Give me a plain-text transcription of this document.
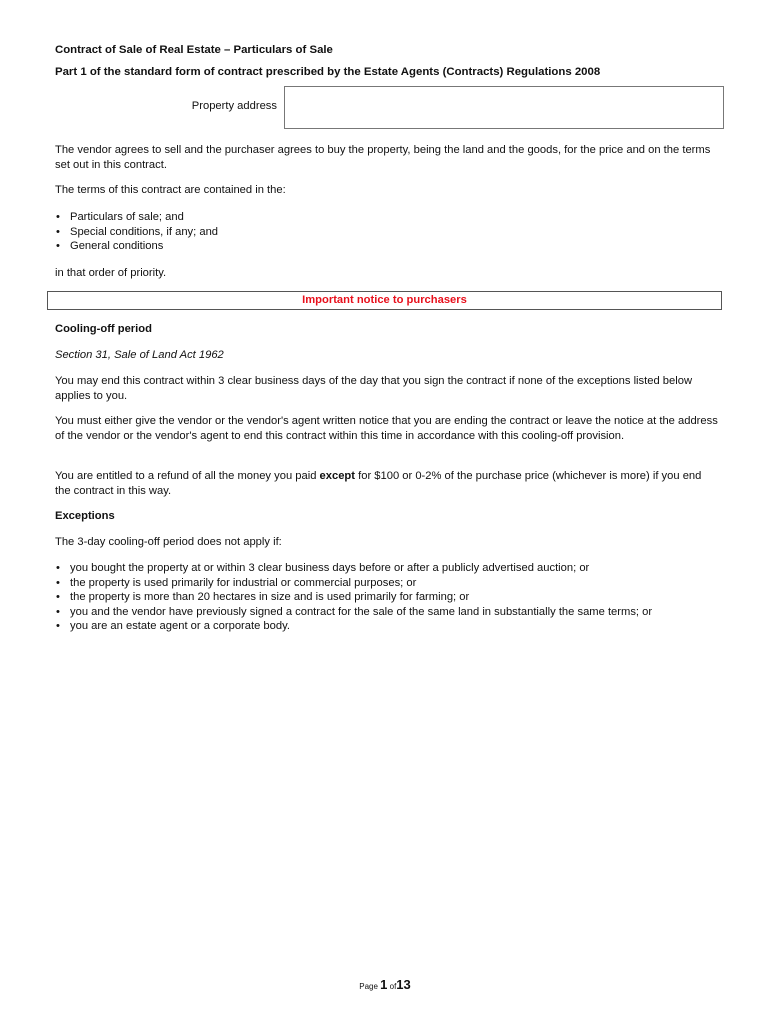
Contract of Sale of Real Estate – Particulars of Sale
Part 1 of the standard form of contract prescribed by the Estate Agents (Contracts) Regulations 2008
Property address

The vendor agrees to sell and the purchaser agrees to buy the property, being the land and the goods, for the price and on the terms set out in this contract.

The terms of this contract are contained in the:

• Particulars of sale; and
• Special conditions, if any; and
• General conditions

in that order of priority.

Important notice to purchasers

Cooling-off period

Section 31, Sale of Land Act 1962

You may end this contract within 3 clear business days of the day that you sign the contract if none of the exceptions listed below applies to you.

You must either give the vendor or the vendor's agent written notice that you are ending the contract or leave the notice at the address of the vendor or the vendor's agent to end this contract within this time in accordance with this cooling-off provision.

You are entitled to a refund of all the money you paid except for $100 or 0-2% of the purchase price (whichever is more) if you end the contract in this way.

Exceptions

The 3-day cooling-off period does not apply if:

• you bought the property at or within 3 clear business days before or after a publicly advertised auction; or
• the property is used primarily for industrial or commercial purposes; or
• the property is more than 20 hectares in size and is used primarily for farming; or
• you and the vendor have previously signed a contract for the sale of the same land in substantially the same terms; or
• you are an estate agent or a corporate body.
Page 1 of13
